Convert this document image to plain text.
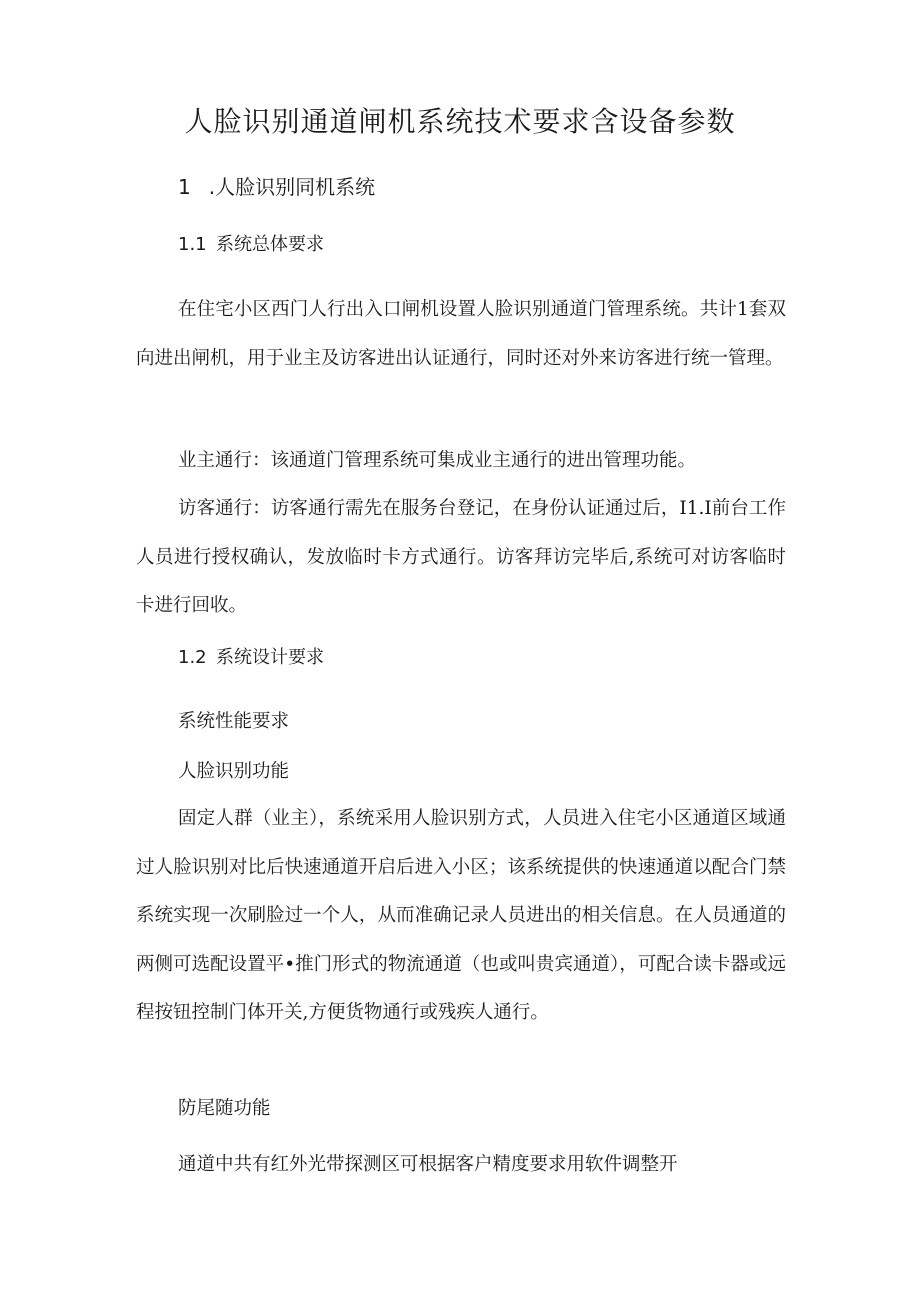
人脸识别通道闸机系统技术要求含设备参数
1 .人脸识别同机系统
1.1 系统总体要求
在住宅小区西门人行出入口闸机设置人脸识别通道门管理系统。共计1套双向进出闸机，用于业主及访客进出认证通行，同时还对外来访客进行统一管理。
业主通行：该通道门管理系统可集成业主通行的进出管理功能。
访客通行：访客通行需先在服务台登记，在身份认证通过后，I1.I前台工作人员进行授权确认，发放临时卡方式通行。访客拜访完毕后,系统可对访客临时卡进行回收。
1.2 系统设计要求
系统性能要求
人脸识别功能
固定人群（业主），系统采用人脸识别方式，人员进入住宅小区通道区域通过人脸识别对比后快速通道开启后进入小区；该系统提供的快速通道以配合门禁系统实现一次刷脸过一个人，从而准确记录人员进出的相关信息。在人员通道的两侧可选配设置平•推门形式的物流通道（也或叫贵宾通道），可配合读卡器或远程按钮控制门体开关,方便货物通行或残疾人通行。
防尾随功能
通道中共有红外光带探测区可根据客户精度要求用软件调整开
